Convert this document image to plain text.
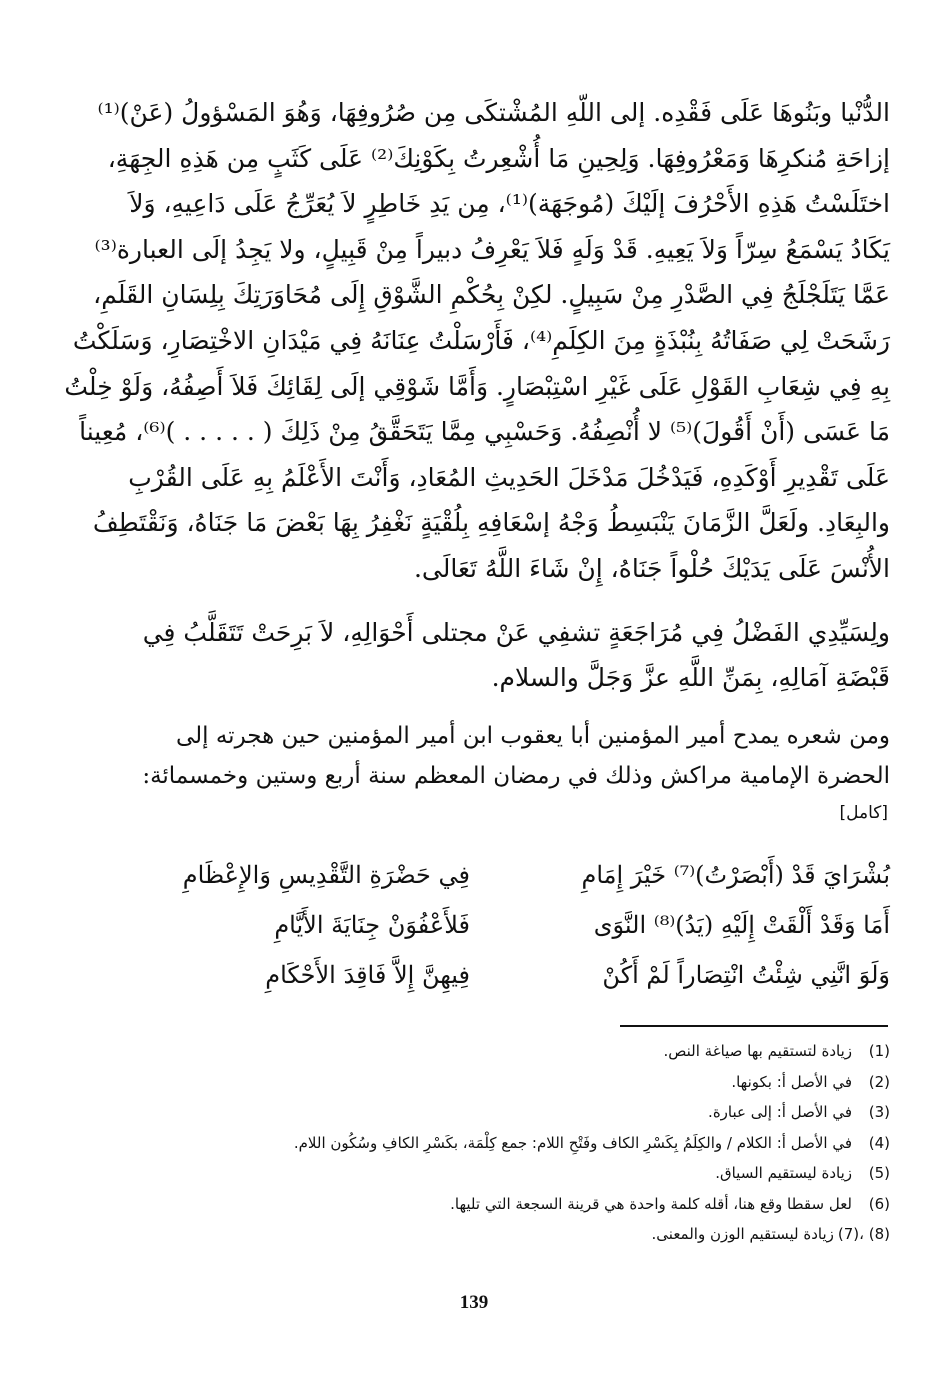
الدُّنْيا وبَنُوهَا عَلَى فَقْدِه. إلى اللّهِ المُشْتكَى مِن صُرُوفِهَا، وَهُوَ المَسْؤولُ (عَنْ)⁽¹⁾
إزاحَةِ مُنكرِهَا وَمَعْرُوفِهَا. وَلِحِينِ مَا أُشْعِرتُ بِكَوْنِكَ⁽²⁾ عَلَى كَثَبٍ مِن هَذِهِ الجِهَةِ،
اختَلَسْتُ هَذِهِ الأَحْرُفَ إلَيْكَ (مُوجَهَة)⁽¹⁾، مِن يَدِ خَاطِرٍ لاَ يُعَرِّجُ عَلَى دَاعِيهِ، وَلاَ
يَكَادُ يَسْمَعُ سِرّاً وَلاَ يَعِيهِ. قَدْ وَلَهٍ فَلاَ يَعْرِفُ دبيراً مِنْ قَبِيلٍ، ولا يَجِدُ إلَى العبارة⁽³⁾
عَمَّا يَتَلَجْلَجُ فِي الصَّدْرِ مِنْ سَبِيلٍ. لكِنْ بِحُكْمِ الشَّوْقِ إِلَى مُحَاوَرَتِكَ بِلِسَانِ القَلَمِ،
رَشَحَتْ لِي صَفَاتُهُ بِنُبْذَةٍ مِنَ الكِلَمِ⁽⁴⁾، فَأَرْسَلْتُ عِنَانَهُ فِي مَيْدَانِ الاخْتِصَارِ، وَسَلَكْتُ
بِهِ فِي شِعَابِ القَوْلِ عَلَى غَيْرِ اسْتِبْصَارٍ. وَأَمَّا شَوْقِي إلَى لِقَائِكَ فَلاَ أَصِفُهُ، وَلَوْ خِلْتُ
مَا عَسَى (أَنْ أَقُولَ)⁽⁵⁾ لا أُنْصِفُهُ. وَحَسْبِي مِمَّا يَتَحَقَّقُ مِنْ ذَلِكَ ( . . . . . )⁽⁶⁾، مُعِيناً
عَلَى تَقْدِيرِ أَوْكَدِهِ، فَيَدْخُلَ مَدْخَلَ الحَدِيثِ المُعَادِ، وَأَنْتَ الأَعْلَمُ بِهِ عَلَى القُرْبِ
والبِعَادِ. ولَعَلَّ الزَّمَانَ يَنْبَسِطُ وَجْهُ إسْعَافِهِ بِلُقْيَةٍ نَغْفِرُ بِهَا بَعْضَ مَا جَنَاهُ، وَنَقْتَطِفُ
الأُنْسَ عَلَى يَدَيْكَ حُلْواً جَنَاهُ، إِنْ شَاءَ اللَّهُ تَعَالَى.
ولِسَيِّدِي الفَضْلُ فِي مُرَاجَعَةٍ تشفِي عَنْ مجتلى أَحْوَالِهِ، لاَ بَرِحَتْ تَتَقَلَّبُ فِي
قَبْضَةِ آمَالِهِ، بِمَنِّ اللَّهِ عزَّ وَجَلَّ والسلام.
ومن شعره يمدح أمير المؤمنين أبا يعقوب ابن أمير المؤمنين حين هجرته إلى
الحضرة الإمامية مراكش وذلك في رمضان المعظم سنة أربع وستين وخمسمائة:
[كامل]
بُشْرَايَ قَدْ (أَبْصَرْتُ)⁽⁷⁾ خَيْرَ إِمَامِ
فِي حَضْرَةِ التَّقْدِيسِ وَالإِعْظَامِ
أَمَا وَقَدْ أَلْقَتْ إِلَيْهِ (يَدُ)⁽⁸⁾ النَّوَى
فَلأَعْفُوَنْ جِنَايَةَ الأَيَّامِ
وَلَوَ انَّنِي شِئْتُ انْتِصَاراً لَمْ أَكُنْ
فِيهِنَّ إِلاَّ فَاقِدَ الأَحْكَامِ
(1)
زيادة لتستقيم بها صياغة النص.
(2)
في الأصل أ: بكونها.
(3)
في الأصل أ: إلى عبارة.
(4)
في الأصل أ: الكلام / والكِلَمُ بِكَسْرِ الكاف وفَتْحِ اللام: جمع كِلْمَة، بكَسْرِ الكافِ وسُكُون اللام.
(5)
زيادة ليستقيم السياق.
(6)
لعل سقطا وقع هنا، أقله كلمة واحدة هي قرينة السجعة التي تليها.
(7)، (8)
زيادة ليستقيم الوزن والمعنى.
139
